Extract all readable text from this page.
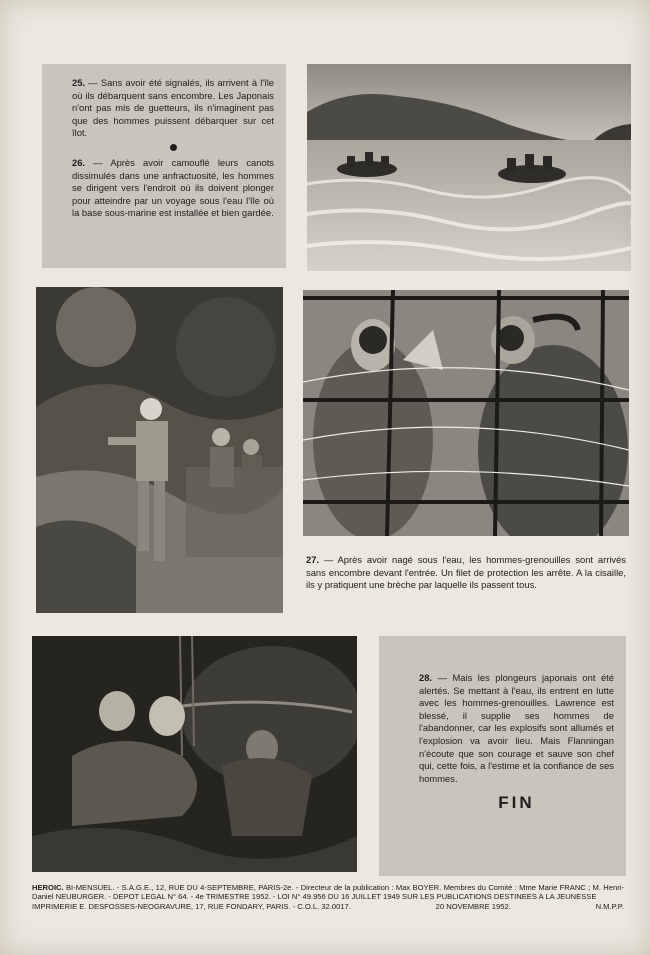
25. — Sans avoir été signalés, ils arrivent à l'île où ils débarquent sans encombre. Les Japonais n'ont pas mis de guetteurs, ils n'imaginent pas que des hommes puissent débarquer sur cet îlot.

26. — Après avoir camouflé leurs canots dissimulés dans une anfractuosité, les hommes se dirigent vers l'endroit où ils doivent plonger pour atteindre par un voyage sous l'eau l'île où la base sous-marine est installée et bien gardée.

27. — Après avoir nagé sous l'eau, les hommes-grenouilles sont arrivés sans encombre devant l'entrée. Un filet de protection les arrête. A la cisaille, ils y pratiquent une brèche par laquelle ils passent tous.

28. — Mais les plongeurs japonais ont été alertés. Se mettant à l'eau, ils entrent en lutte avec les hommes-grenouilles. Lawrence est blessé, il supplie ses hommes de l'abandonner, car les explosifs sont allumés et l'explosion va avoir lieu. Mais Flanningan n'écoute que son courage et sauve son chef qui, cette fois, a l'estime et la confiance de ses hommes.

FIN
HEROIC. BI-MENSUEL. - S.A.G.E., 12, RUE DU 4-SEPTEMBRE, PARIS-2e. - Directeur de la publication : Max BOYER. Membres du Comité : Mme Marie FRANC ; M. Henri-Daniel NEUBURGER. - DEPOT LEGAL N° 64. - 4e TRIMESTRE 1952. - LOI N° 49.956 DU 16 JUILLET 1949 SUR LES PUBLICATIONS DESTINEES A LA JEUNESSE
IMPRIMERIE E. DESFOSSES-NEOGRAVURE, 17, RUE FONDARY, PARIS. - C.O.L. 32.0017.	20 NOVEMBRE 1952.	N.M.P.P.
